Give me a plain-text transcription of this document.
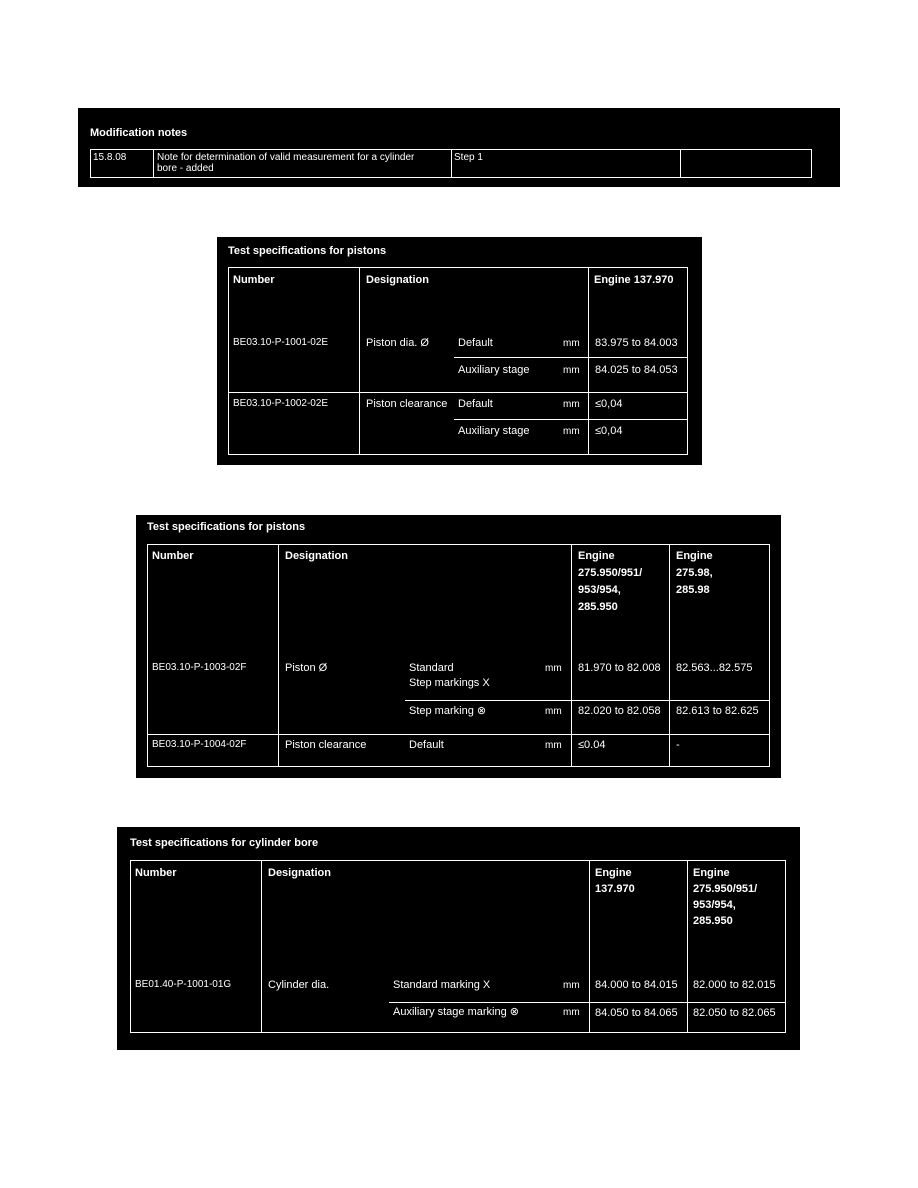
Modification notes
15.8.08	Note for determination of valid measurement for a cylinder
bore - added
Step 1
Test specifications for pistons
Number	Designation	Engine 137.970
BE03.10-P-1001-02E	Piston dia. Ø	Default	mm 83.975 to 84.003
Auxiliary stage	mm 84.025 to 84.053
BE03.10-P-1002-02E	Piston clearance Default	mm ≤0,04
Auxiliary stage	mm ≤0,04
Test specifications for pistons
Number	Designation	Engine
275.950/951/
953/954,
285.950
Engine
275.98,
285.98
BE03.10-P-1003-02F	Piston Ø	Standard
Step markings X
mm 81.970 to 82.008 82.563...82.575
Step marking ⊗	mm 82.020 to 82.058 82.613 to 82.625
BE03.10-P-1004-02F	Piston clearance	Default	mm ≤0.04	-
Test specifications for cylinder bore
Number	Designation	Engine
137.970
Engine
275.950/951/
953/954,
285.950
BE01.40-P-1001-01G	Cylinder dia.	Standard marking X	mm 84.000 to 84.015 82.000 to 82.015
Auxiliary stage marking ⊗	mm 84.050 to 84.065 82.050 to 82.065
